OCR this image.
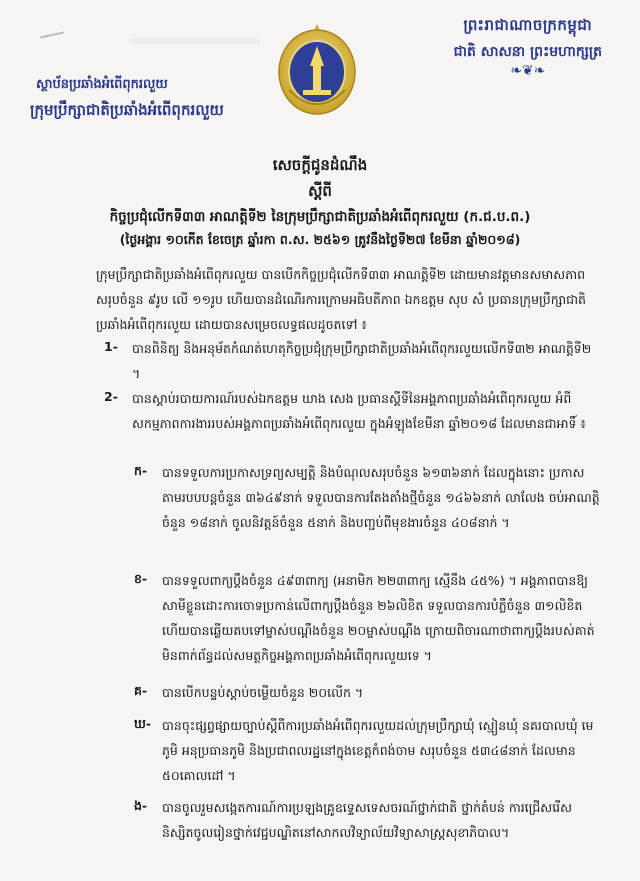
ព្រះរាជាណាចក្រកម្ពុជា
ជាតិ សាសនា ព្រះមហាក្សត្រ
❧❦❧
ស្ថាប័នប្រឆាំងអំពើពុករលួយ
ក្រុមប្រឹក្សាជាតិប្រឆាំងអំពើពុករលួយ
សេចក្តីជូនដំណឹង
ស្តីពី
កិច្ចប្រជុំលើកទី៣៣ អាណត្តិទី២ នៃក្រុមប្រឹក្សាជាតិប្រឆាំងអំពើពុករលួយ (ក.ជ.ប.ព.)
(ថ្ងៃអង្គារ ១០កើត ខែចេត្រ ឆ្នាំរកា ព.ស. ២៥៦១ ត្រូវនឹងថ្ងៃទី២៧ ខែមីនា ឆ្នាំ២០១៨)
ក្រុមប្រឹក្សាជាតិប្រឆាំងអំពើពុករលួយ បានបើកកិច្ចប្រជុំលើកទី៣៣ អាណត្តិទី២ ដោយមានវត្តមានសមាសភាពសរុបចំនួន ៩រូប លើ ១១រូប ហើយបានដំណើរការក្រោមអធិបតីភាព ឯកឧត្តម សុប សំ ប្រធានក្រុមប្រឹក្សាជាតិប្រឆាំងអំពើពុករលួយ ដោយបានសម្រេចលទ្ធផលដូចតទៅ ៖
1- បានពិនិត្យ និងអនុម័តកំណត់ហេតុកិច្ចប្រជុំក្រុមប្រឹក្សាជាតិប្រឆាំងអំពើពុករលួយលើកទី៣២ អាណត្តិទី២ ។
2- បានស្តាប់របាយការណ៍របស់ឯកឧត្តម ឃាង សេង ប្រធានស្តីទីនៃអង្គភាពប្រឆាំងអំពើពុករលួយ អំពីសកម្មភាពការងាររបស់អង្គភាពប្រឆាំងអំពើពុករលួយ ក្នុងអំឡុងខែមីនា ឆ្នាំ២០១៨ ដែលមានជាអាទិ៍ ៖
ក- បានទទួលការប្រកាសទ្រព្យសម្បត្តិ និងបំណុលសរុបចំនួន ៦១៣៦នាក់ ដែលក្នុងនោះ ប្រកាសតាមរបបបន្តចំនួន ៣៦៤៩នាក់ ទទួលបានការតែងតាំងថ្មីចំនួន ១៤៦៦នាក់ លាលែង ចប់អាណត្តិចំនួន ១៨នាក់ ចូលនិវត្តន៍ចំនួន ៥នាក់ និងបញ្ជប់ពីមុខងារចំនួន ៤០៨នាក់ ។
ខ- បានទទួលពាក្យប្តឹងចំនួន ៤៩៣ពាក្យ (អនាមិក ២២៣ពាក្យ ស្មើនឹង ៤៥%) ។ អង្គភាពបានឱ្យសាមីខ្លួនដោះការចោទប្រកាន់លើពាក្យប្តឹងចំនួន ២៦លិខិត ទទួលបានការបំភ្លឺចំនួន ៣១លិខិត ហើយបានឆ្លើយតបទៅម្ចាស់បណ្តឹងចំនួន ២០ម្ចាស់បណ្តឹង ក្រោយពិចារណាថាពាក្យប្តឹងរបស់គាត់មិនពាក់ព័ន្ធដល់សមត្ថកិច្ចអង្គភាពប្រឆាំងអំពើពុករលួយទេ ។
គ- បានបើកបន្ទប់ស្តាប់ចម្លើយចំនួន ២០លើក ។
ឃ- បានចុះផ្សព្វផ្សាយច្បាប់ស្តីពីការប្រឆាំងអំពើពុករលួយដល់ក្រុមប្រឹក្សាឃុំ ស្មៀនឃុំ នគរបាលឃុំ មេភូមិ អនុប្រធានភូមិ និងប្រជាពលរដ្ឋនៅក្នុងខេត្តកំពង់ចាម សរុបចំនួន ៥៣៤៨នាក់ ដែលមាន ៥០គោលដៅ ។
ង- បានចូលរួមសង្កេតការណ៍ការប្រឡងគ្រូឧទ្ទេសទេសចរណ៍ថ្នាក់ជាតិ ថ្នាក់តំបន់ ការជ្រើសរើសនិស្សិតចូលរៀនថ្នាក់វេជ្ជបណ្ឌិតនៅសាកលវិទ្យាល័យវិទ្យាសាស្រ្តសុខាភិបាល។
